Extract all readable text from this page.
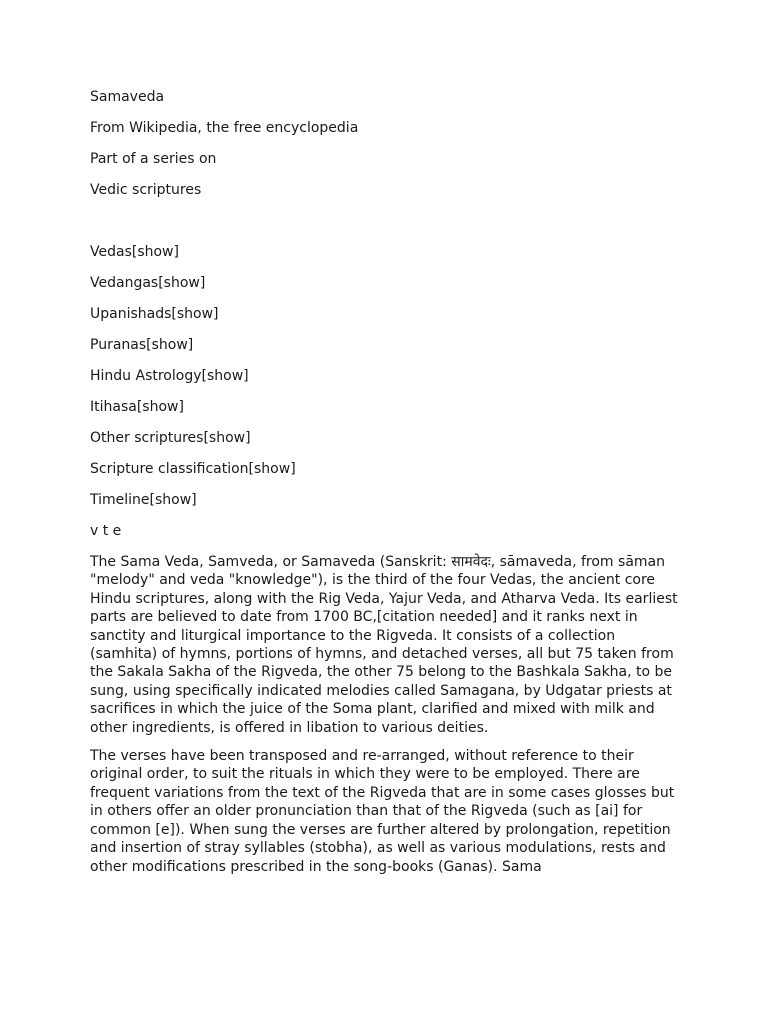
Samaveda
From Wikipedia, the free encyclopedia
Part of a series on
Vedic scriptures
Vedas[show]
Vedangas[show]
Upanishads[show]
Puranas[show]
Hindu Astrology[show]
Itihasa[show]
Other scriptures[show]
Scripture classification[show]
Timeline[show]
v t e

The Sama Veda, Samveda, or Samaveda (Sanskrit: सामवेदः, sāmaveda, from sāman "melody" and veda "knowledge"), is the third of the four Vedas, the ancient core Hindu scriptures, along with the Rig Veda, Yajur Veda, and Atharva Veda. Its earliest parts are believed to date from 1700 BC,[citation needed] and it ranks next in sanctity and liturgical importance to the Rigveda. It consists of a collection (samhita) of hymns, portions of hymns, and detached verses, all but 75 taken from the Sakala Sakha of the Rigveda, the other 75 belong to the Bashkala Sakha, to be sung, using specifically indicated melodies called Samagana, by Udgatar priests at sacrifices in which the juice of the Soma plant, clarified and mixed with milk and other ingredients, is offered in libation to various deities.

The verses have been transposed and re-arranged, without reference to their original order, to suit the rituals in which they were to be employed. There are frequent variations from the text of the Rigveda that are in some cases glosses but in others offer an older pronunciation than that of the Rigveda (such as [ai] for common [e]). When sung the verses are further altered by prolongation, repetition and insertion of stray syllables (stobha), as well as various modulations, rests and other modifications prescribed in the song-books (Ganas). Sama
